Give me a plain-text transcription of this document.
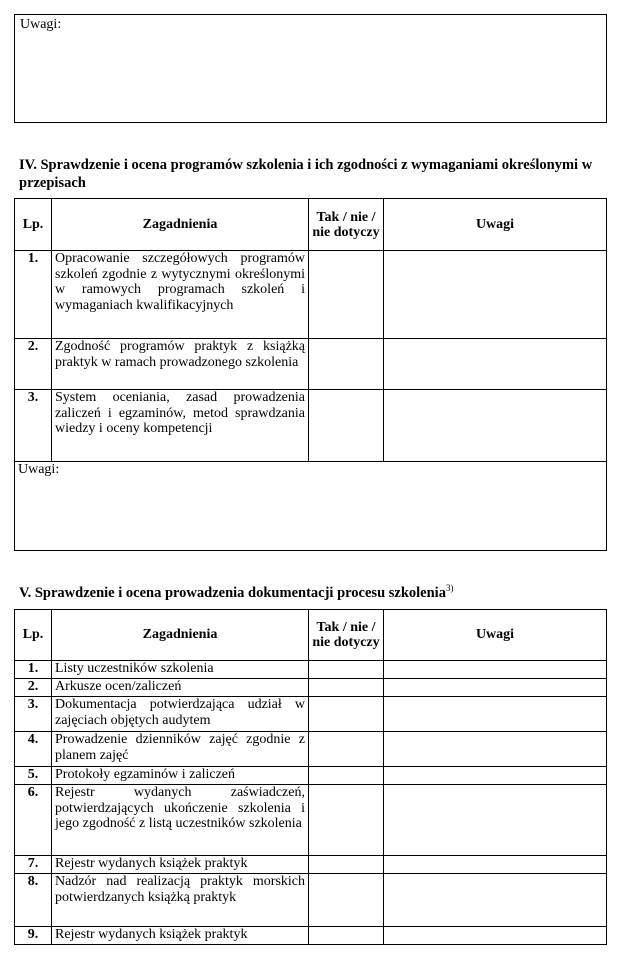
Uwagi:
IV. Sprawdzenie i ocena programów szkolenia i ich zgodności z wymaganiami określonymi w przepisach
Lp.	Zagadnienia	Tak / nie / nie dotyczy	Uwagi
1.	Opracowanie szczegółowych programów szkoleń zgodnie z wytycznymi określonymi w ramowych programach szkoleń i wymaganiach kwalifikacyjnych		
2.	Zgodność programów praktyk z książką praktyk w ramach prowadzonego szkolenia		
3.	System oceniania, zasad prowadzenia zaliczeń i egzaminów, metod sprawdzania wiedzy i oceny kompetencji		
Uwagi:			
V. Sprawdzenie i ocena prowadzenia dokumentacji procesu szkolenia$^{3)}$
Lp.	Zagadnienia	Tak / nie / nie dotyczy	Uwagi
1.	Listy uczestników szkolenia		
2.	Arkusze ocen/zaliczeń		
3.	Dokumentacja potwierdzająca udział w zajęciach objętych audytem		
4.	Prowadzenie dzienników zajęć zgodnie z planem zajęć		
5.	Protokoły egzaminów i zaliczeń		
6.	Rejestr wydanych zaświadczeń, potwierdzających ukończenie szkolenia i jego zgodność z listą uczestników szkolenia		
7.	Rejestr wydanych książek praktyk		
8.	Nadzór nad realizacją praktyk morskich potwierdzanych książką praktyk		
9.	Rejestr wydanych książek praktyk		
